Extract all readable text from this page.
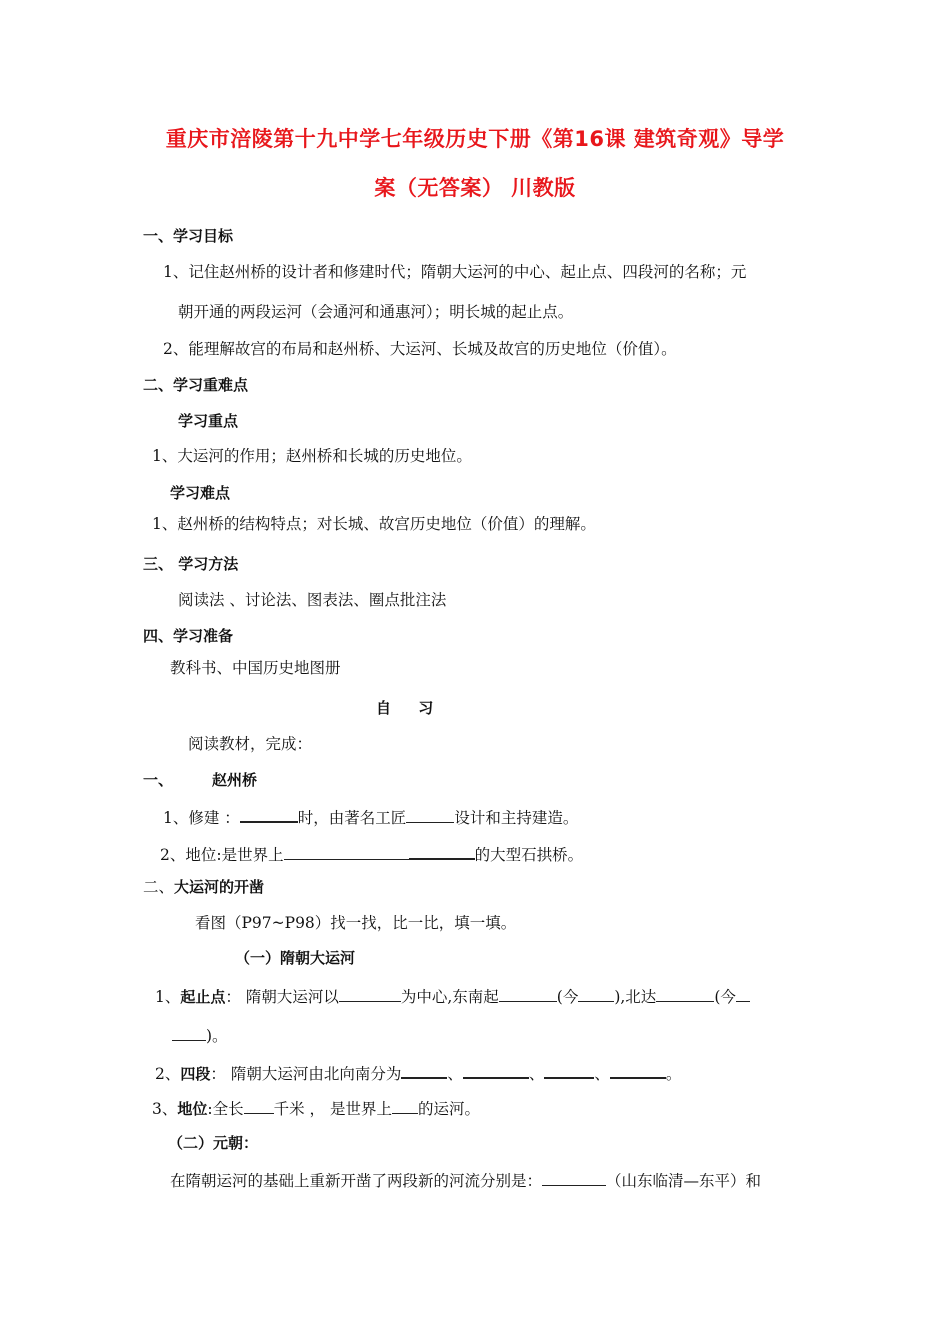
重庆市涪陵第十九中学七年级历史下册《第16课 建筑奇观》导学
案（无答案） 川教版
一、学习目标
1、记住赵州桥的设计者和修建时代；隋朝大运河的中心、起止点、四段河的名称；元
朝开通的两段运河（会通河和通惠河）；明长城的起止点。
2、能理解故宫的布局和赵州桥、大运河、长城及故宫的历史地位（价值）。
二、学习重难点
学习重点
1、大运河的作用；赵州桥和长城的历史地位。
学习难点
1、赵州桥的结构特点；对长城、故宫历史地位（价值）的理解。
三、 学习方法
阅读法 、讨论法、图表法、圈点批注法
四、学习准备
教科书、中国历史地图册
自 习
阅读教材，完成：
一、	赵州桥
1、修建 ：	时，由著名工匠	设计和主持建造。
2、地位:是世界上	的大型石拱桥。
二、大运河的开凿
看图（P97~P98）找一找，比一比，填一填。
（一）隋朝大运河
1、起止点： 隋朝大运河以	为中心,东南起	(今 ),北达	(今
)。
2、四段： 隋朝大运河由北向南分为	、	、	、	。
3、地位:全长 千米 ， 是世界上 的运河。
（二）元朝：
在隋朝运河的基础上重新开凿了两段新的河流分别是：	（山东临清—东平）和
